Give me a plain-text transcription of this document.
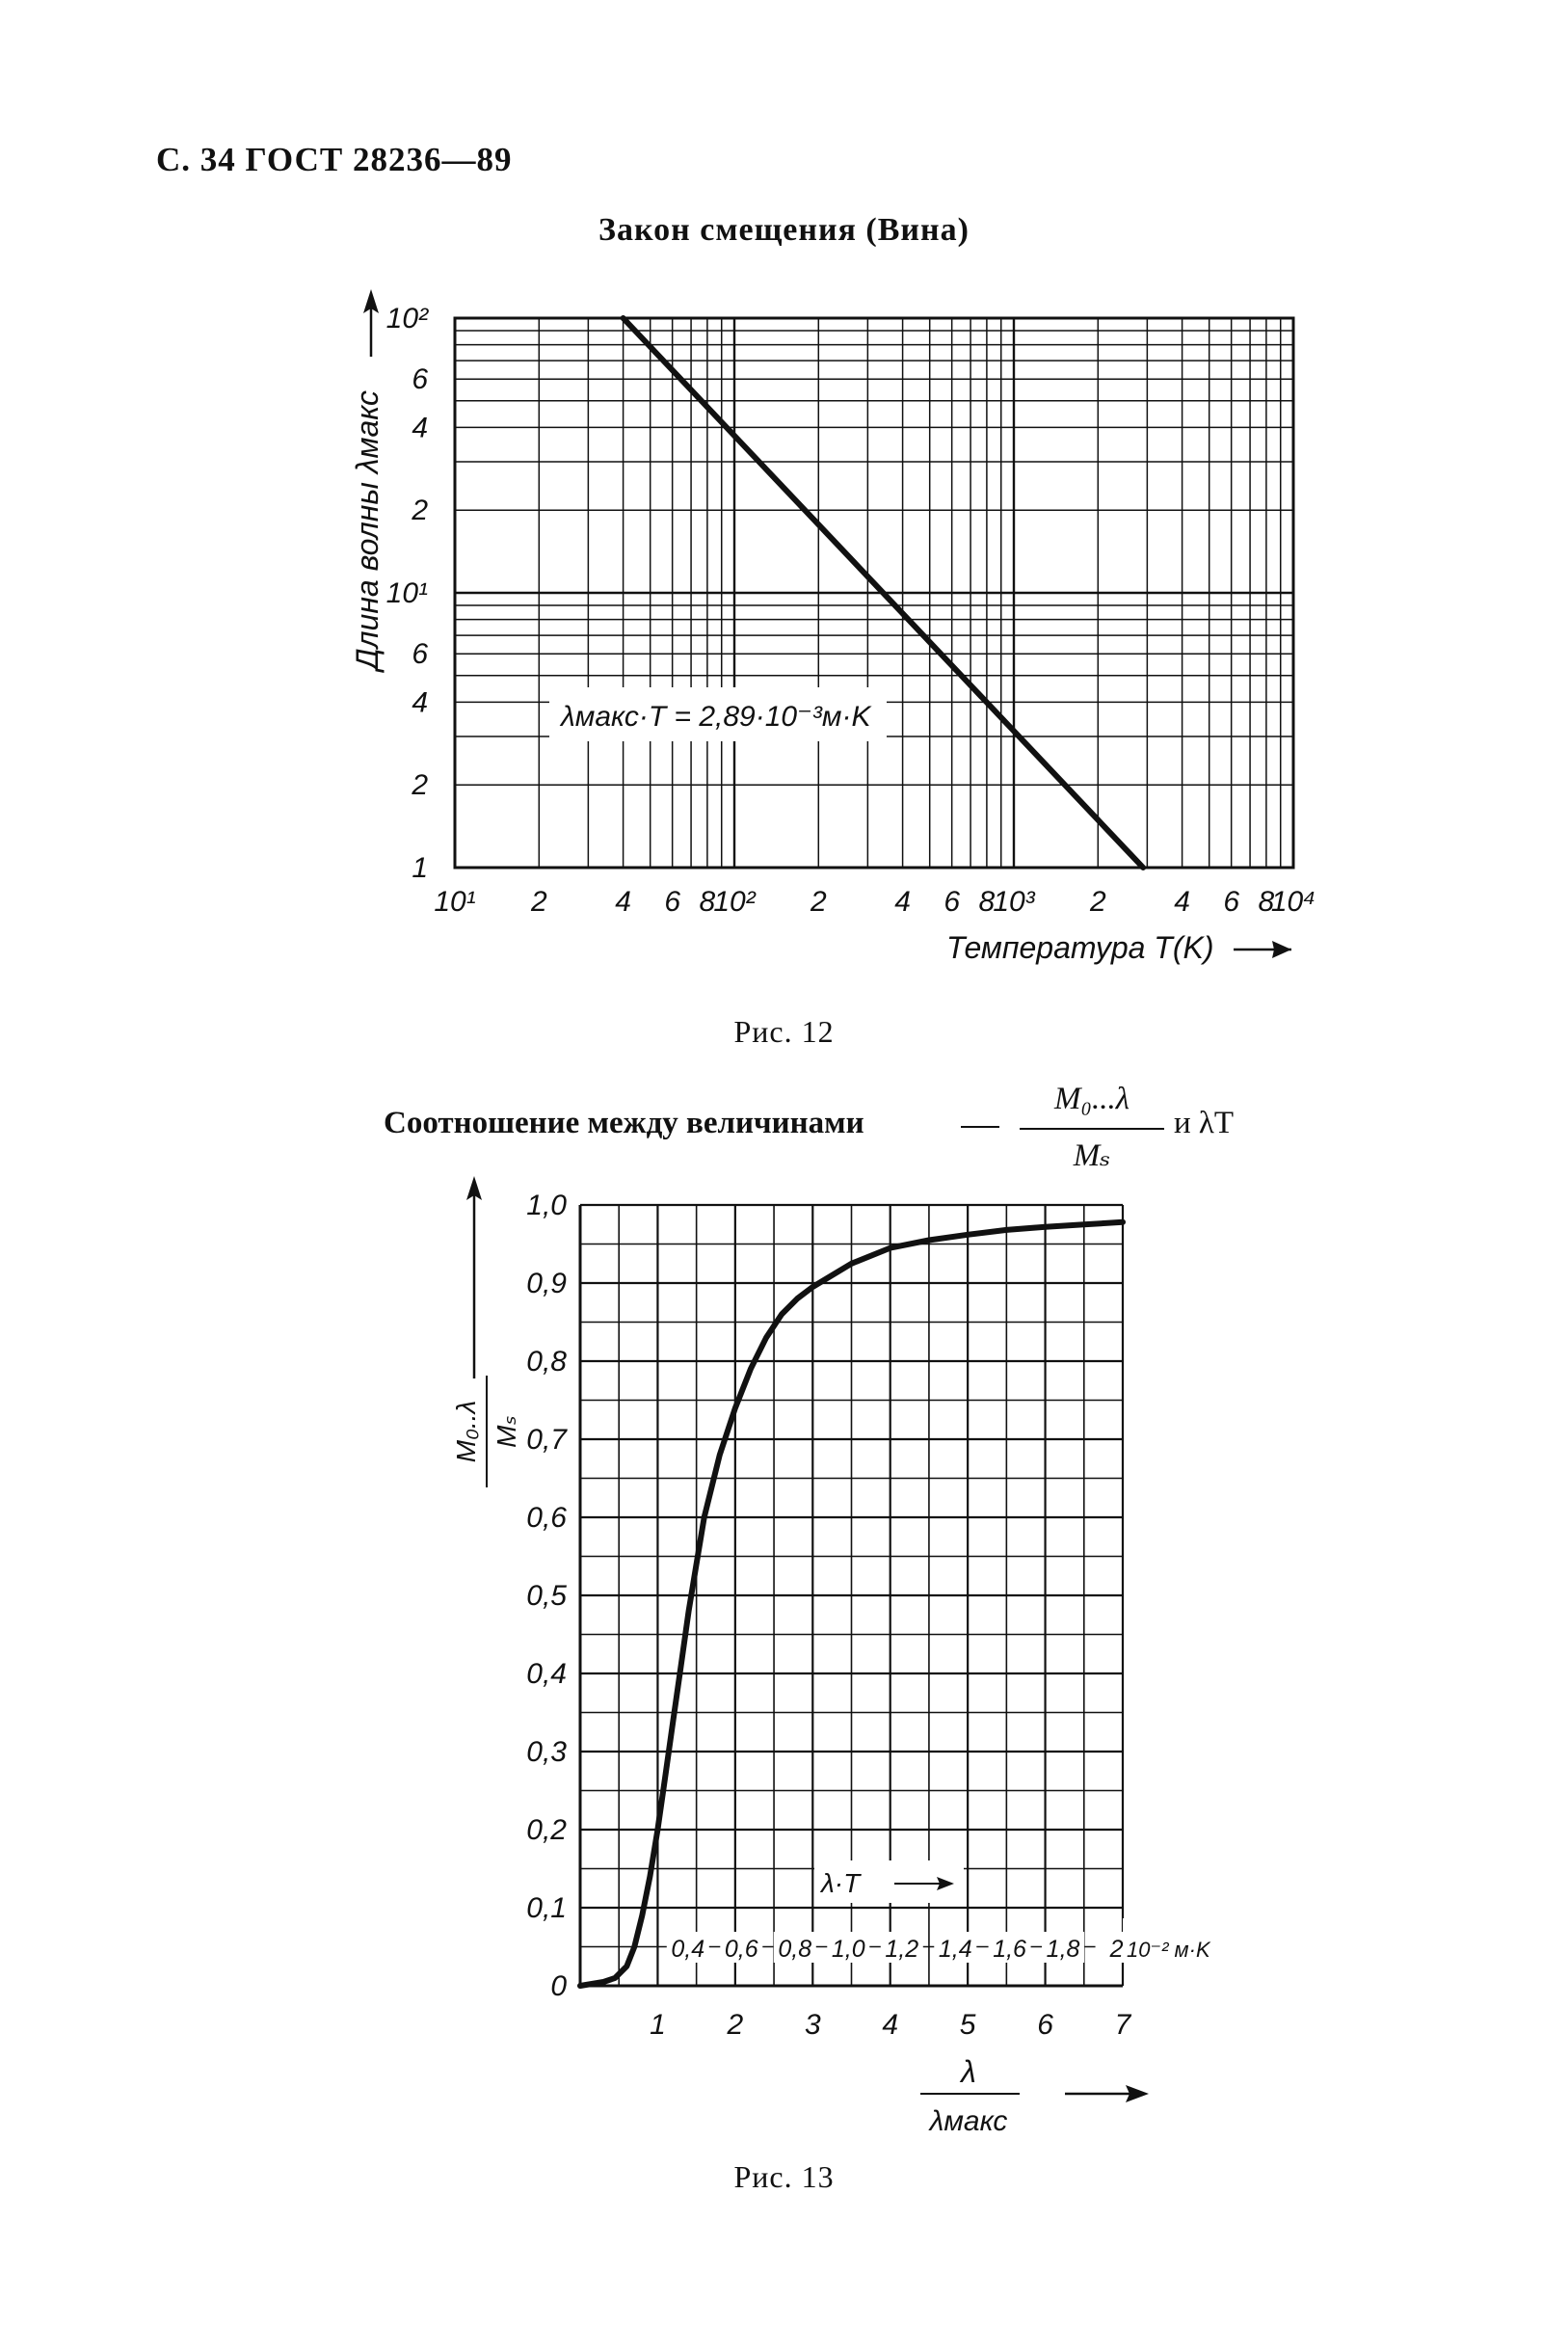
С. 34 ГОСТ 28236—89
Закон смещения (Вина)
10¹ 2 4 6 8
10² 2 4 6 8
10³ 2 4 6 8
10⁴
1
2
4
6
10¹
2
4
6
10²
λмакс·T = 2,89·10⁻³м·K
Температура T(K)
Длина волны λмакс
Рис. 12
Соотношение между величинами
M₀...λ
Mₛ
и λT
0
0,1
0,2
0,3
0,4
0,5
0,6
0,7
0,8
0,9
1,0
1 2 3 4 5 6 7
0,4 0,6 0,8 1,0 1,2 1,4 1,6 1,8 2 10⁻² м·K
λ·T
λ
λмакс
M₀..λ Mₛ
Рис. 13
